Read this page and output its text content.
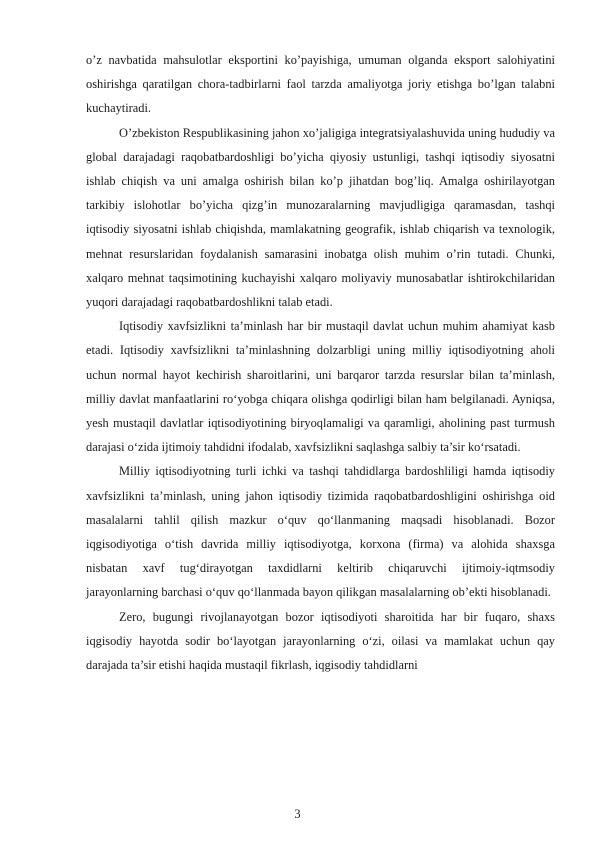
o’z navbatida mahsulotlar eksportini ko’payishiga, umuman olganda eksport salohiyatini oshirishga qaratilgan chora-tadbirlarni faol tarzda amaliyotga joriy etishga bo’lgan talabni kuchaytiradi.

O’zbekiston Respublikasining jahon xo’jaligiga integratsiyalashuvida uning hududiy va global darajadagi raqobatbardoshligi bo’yicha qiyosiy ustunligi, tashqi iqtisodiy siyosatni ishlab chiqish va uni amalga oshirish bilan ko’p jihatdan bog’liq. Amalga oshirilayotgan tarkibiy islohotlar bo’yicha qizg’in munozaralarning mavjudligiga qaramasdan, tashqi iqtisodiy siyosatni ishlab chiqishda, mamlakatning geografik, ishlab chiqarish va texnologik, mehnat resurslaridan foydalanish samarasini inobatga olish muhim o’rin tutadi. Chunki, xalqaro mehnat taqsimotining kuchayishi xalqaro moliyaviy munosabatlar ishtirokchilaridan yuqori darajadagi raqobatbardoshlikni talab etadi.

Iqtisodiy xavfsizlikni ta’minlash har bir mustaqil davlat uchun muhim ahamiyat kasb etadi. Iqtisodiy xavfsizlikni ta’minlashning dolzarbligi uning milliy iqtisodiyotning aholi uchun normal hayot kechirish sharoitlarini, uni barqaror tarzda resurslar bilan ta’minlash, milliy davlat manfaatlarini ro‘yobga chiqara olishga qodirligi bilan ham belgilanadi. Ayniqsa, yesh mustaqil davlatlar iqtisodiyotining biryoqlamaligi va qaramligi, aholining past turmush darajasi o‘zida ijtimoiy tahdidni ifodalab, xavfsizlikni saqlashga salbiy ta’sir ko‘rsatadi.

Milliy iqtisodiyotning turli ichki va tashqi tahdidlarga bardoshliligi hamda iqtisodiy xavfsizlikni ta’minlash, uning jahon iqtisodiy tizimida raqobatbardoshligini oshirishga oid masalalarni tahlil qilish mazkur o‘quv qo‘llanmaning maqsadi hisoblanadi. Bozor iqgisodiyotiga o‘tish davrida milliy iqtisodiyotga, korxona (firma) va alohida shaxsga nisbatan xavf tug‘dirayotgan taxdidlarni keltirib chiqaruvchi ijtimoiy-iqtmsodiy jarayonlarning barchasi o‘quv qo‘llanmada bayon qilikgan masalalarning ob’ekti hisoblanadi.

Zero, bugungi rivojlanayotgan bozor iqtisodiyoti sharoitida har bir fuqaro, shaxs iqgisodiy hayotda sodir bo‘layotgan jarayonlarning o‘zi, oilasi va mamlakat uchun qay darajada ta’sir etishi haqida mustaqil fikrlash, iqgisodiy tahdidlarni

3
